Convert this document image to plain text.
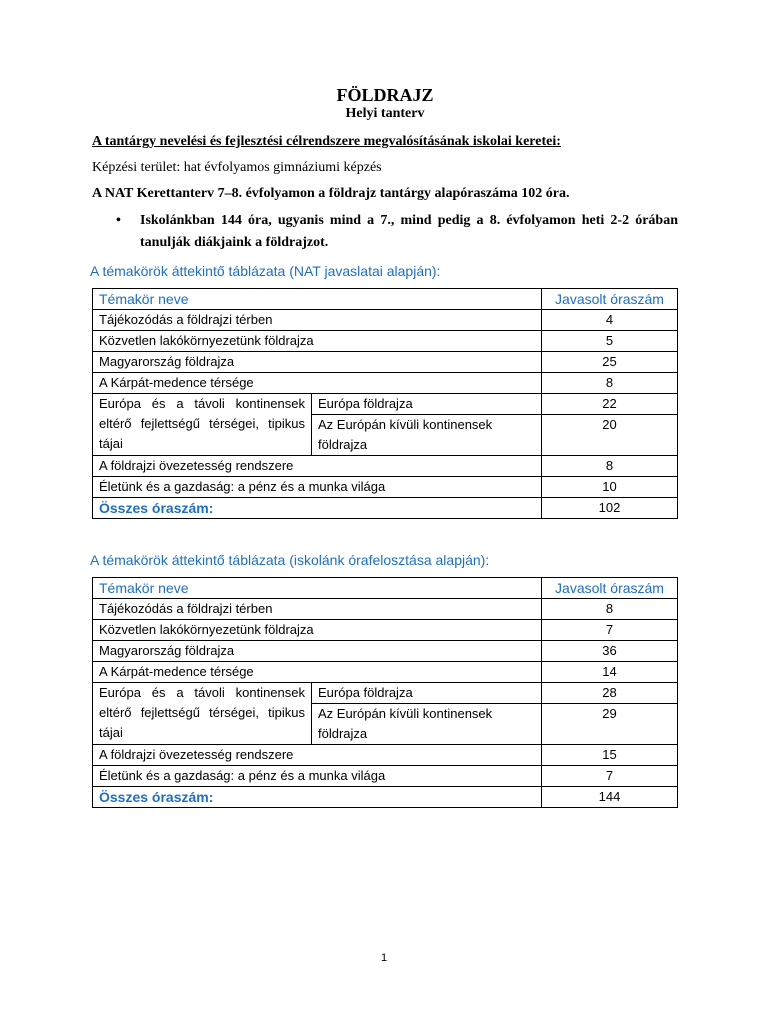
FÖLDRAJZ
Helyi tanterv

A tantárgy nevelési és fejlesztési célrendszere megvalósításának iskolai keretei:

Képzési terület: hat évfolyamos gimnáziumi képzés

A NAT Kerettanterv 7–8. évfolyamon a földrajz tantárgy alapóraszáma 102 óra.

•	Iskolánkban 144 óra, ugyanis mind a 7., mind pedig a 8. évfolyamon heti 2-2 órában tanulják diákjaink a földrajzot.
A témakörök áttekintő táblázata (NAT javaslatai alapján):
Témakör neve		Javasolt óraszám
Tájékozódás a földrajzi térben		4
Közvetlen lakókörnyezetünk földrajza		5
Magyarország földrajza		25
A Kárpát-medence térsége		8
Európa és a távoli kontinensek eltérő fejlettségű térségei, tipikus tájai	Európa földrajza	22
	Az Európán kívüli kontinensek földrajza	20
A földrajzi övezetesség rendszere		8
Életünk és a gazdaság: a pénz és a munka világa		10
Összes óraszám:		102
A témakörök áttekintő táblázata (iskolánk órafelosztása alapján):
Témakör neve		Javasolt óraszám
Tájékozódás a földrajzi térben		8
Közvetlen lakókörnyezetünk földrajza		7
Magyarország földrajza		36
A Kárpát-medence térsége		14
Európa és a távoli kontinensek eltérő fejlettségű térségei, tipikus tájai	Európa földrajza	28
	Az Európán kívüli kontinensek földrajza	29
A földrajzi övezetesség rendszere		15
Életünk és a gazdaság: a pénz és a munka világa		7
Összes óraszám:		144
1
